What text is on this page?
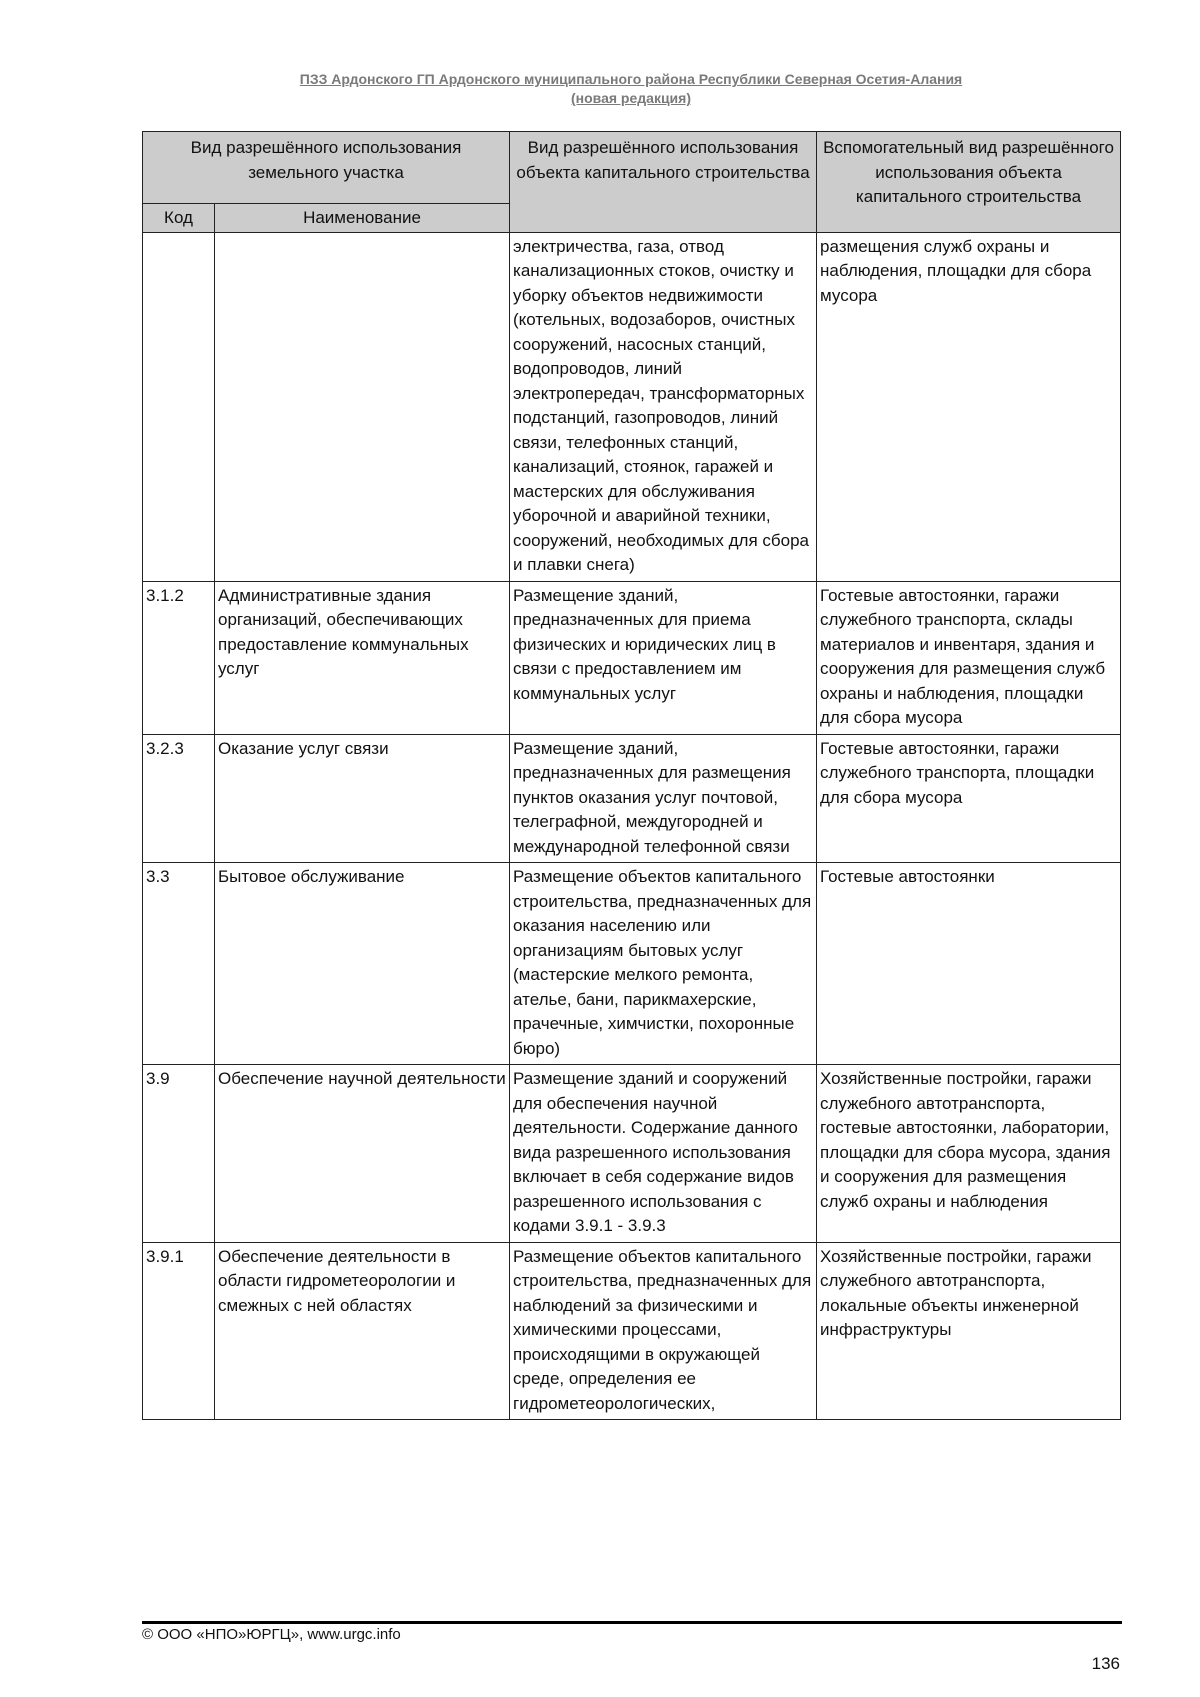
ПЗЗ Ардонского ГП Ардонского муниципального района Республики Северная Осетия-Алания
(новая редакция)
Вид разрешённого использования земельного участка		Вид разрешённого использования объекта капитального строительства	Вспомогательный вид разрешённого использования объекта капитального строительства
Код	Наименование		
		электричества, газа, отвод канализационных стоков, очистку и уборку объектов недвижимости (котельных, водозаборов, очистных сооружений, насосных станций, водопроводов, линий электропередач, трансформаторных подстанций, газопроводов, линий связи, телефонных станций, канализаций, стоянок, гаражей и мастерских для обслуживания уборочной и аварийной техники, сооружений, необходимых для сбора и плавки снега)	размещения служб охраны и наблюдения, площадки для сбора мусора
3.1.2	Административные здания организаций, обеспечивающих предоставление коммунальных услуг	Размещение зданий, предназначенных для приема физических и юридических лиц в связи с предоставлением им коммунальных услуг	Гостевые автостоянки, гаражи служебного транспорта, склады материалов и инвентаря, здания и сооружения для размещения служб охраны и наблюдения, площадки для сбора мусора
3.2.3	Оказание услуг связи	Размещение зданий, предназначенных для размещения пунктов оказания услуг почтовой, телеграфной, междугородней и международной телефонной связи	Гостевые автостоянки, гаражи служебного транспорта, площадки для сбора мусора
3.3	Бытовое обслуживание	Размещение объектов капитального строительства, предназначенных для оказания населению или организациям бытовых услуг (мастерские мелкого ремонта, ателье, бани, парикмахерские, прачечные, химчистки, похоронные бюро)	Гостевые автостоянки
3.9	Обеспечение научной деятельности	Размещение зданий и сооружений для обеспечения научной деятельности. Содержание данного вида разрешенного использования включает в себя содержание видов разрешенного использования с кодами 3.9.1 - 3.9.3	Хозяйственные постройки, гаражи служебного автотранспорта, гостевые автостоянки, лаборатории, площадки для сбора мусора, здания и сооружения для размещения служб охраны и наблюдения
3.9.1	Обеспечение деятельности в области гидрометеорологии и смежных с ней областях	Размещение объектов капитального строительства, предназначенных для наблюдений за физическими и химическими процессами, происходящими в окружающей среде, определения ее гидрометеорологических,	Хозяйственные постройки, гаражи служебного автотранспорта, локальные объекты инженерной инфраструктуры
© ООО «НПО»ЮРГЦ», www.urgc.info
136
